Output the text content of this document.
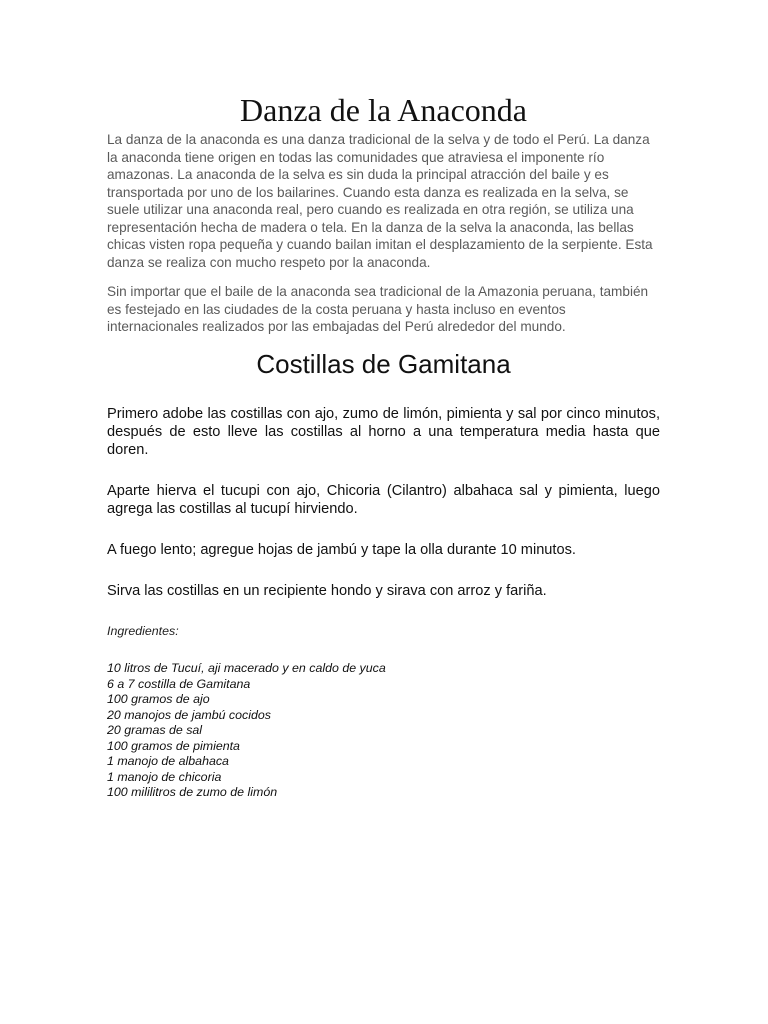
Danza de la Anaconda

La danza de la anaconda es una danza tradicional de la selva y de todo el Perú. La danza la anaconda tiene origen en todas las comunidades que atraviesa el imponente río amazonas. La anaconda de la selva es sin duda la principal atracción del baile y es transportada por uno de los bailarines. Cuando esta danza es realizada en la selva, se suele utilizar una anaconda real, pero cuando es realizada en otra región, se utiliza una representación hecha de madera o tela. En la danza de la selva la anaconda, las bellas chicas visten ropa pequeña y cuando bailan imitan el desplazamiento de la serpiente. Esta danza se realiza con mucho respeto por la anaconda.

Sin importar que el baile de la anaconda sea tradicional de la Amazonia peruana, también es festejado en las ciudades de la costa peruana y hasta incluso en eventos internacionales realizados por las embajadas del Perú alrededor del mundo.

Costillas de Gamitana

Primero adobe las costillas con ajo, zumo de limón, pimienta y sal por cinco minutos, después de esto lleve las costillas al horno a una temperatura media hasta que doren.

Aparte hierva el tucupi con ajo, Chicoria (Cilantro) albahaca sal y pimienta, luego agrega las costillas al tucupí hirviendo.

A fuego lento; agregue hojas de jambú y tape la olla durante 10 minutos.

Sirva las costillas en un recipiente hondo y sirava con arroz y fariña.

Ingredientes:

10 litros de Tucuí, aji macerado y en caldo de yuca
6 a 7 costilla de Gamitana
100 gramos de ajo
20 manojos de jambú cocidos
20 gramas de sal
100 gramos de pimienta
1 manojo de albahaca
1 manojo de chicoria
100 mililitros de zumo de limón
